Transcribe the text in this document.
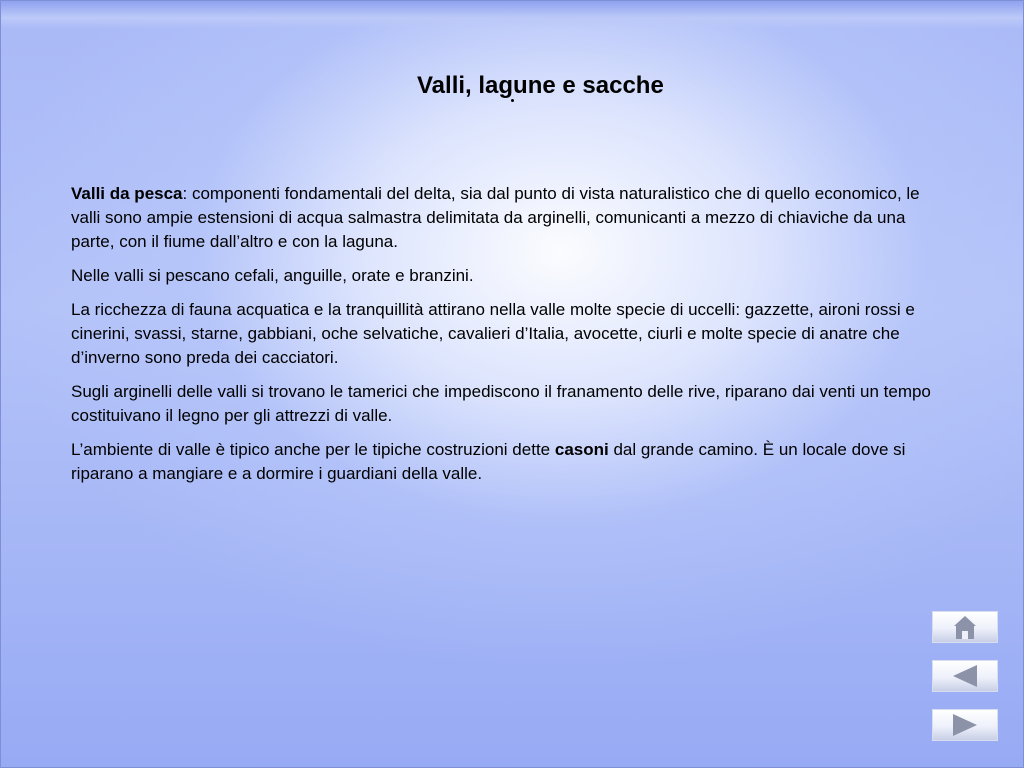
Valli, lagune e sacche

Valli da pesca: componenti fondamentali del delta, sia dal punto di vista naturalistico che di quello economico, le valli sono ampie estensioni di acqua salmastra delimitata da arginelli, comunicanti a mezzo di chiaviche da una parte, con il fiume dall’altro e con la laguna.

Nelle valli si pescano cefali, anguille, orate e branzini.

La ricchezza di fauna acquatica e la tranquillità attirano nella valle molte specie di uccelli: gazzette, aironi rossi e cinerini, svassi, starne, gabbiani, oche selvatiche, cavalieri d’Italia, avocette, ciurli e molte specie di anatre che d’inverno sono preda dei cacciatori.

Sugli arginelli delle valli si trovano le tamerici che impediscono il franamento delle rive, riparano dai venti un tempo costituivano il legno per gli attrezzi di valle.

L’ambiente di valle è tipico anche per le tipiche costruzioni dette casoni dal grande camino. È un locale dove si riparano a mangiare e a dormire i guardiani della valle.
